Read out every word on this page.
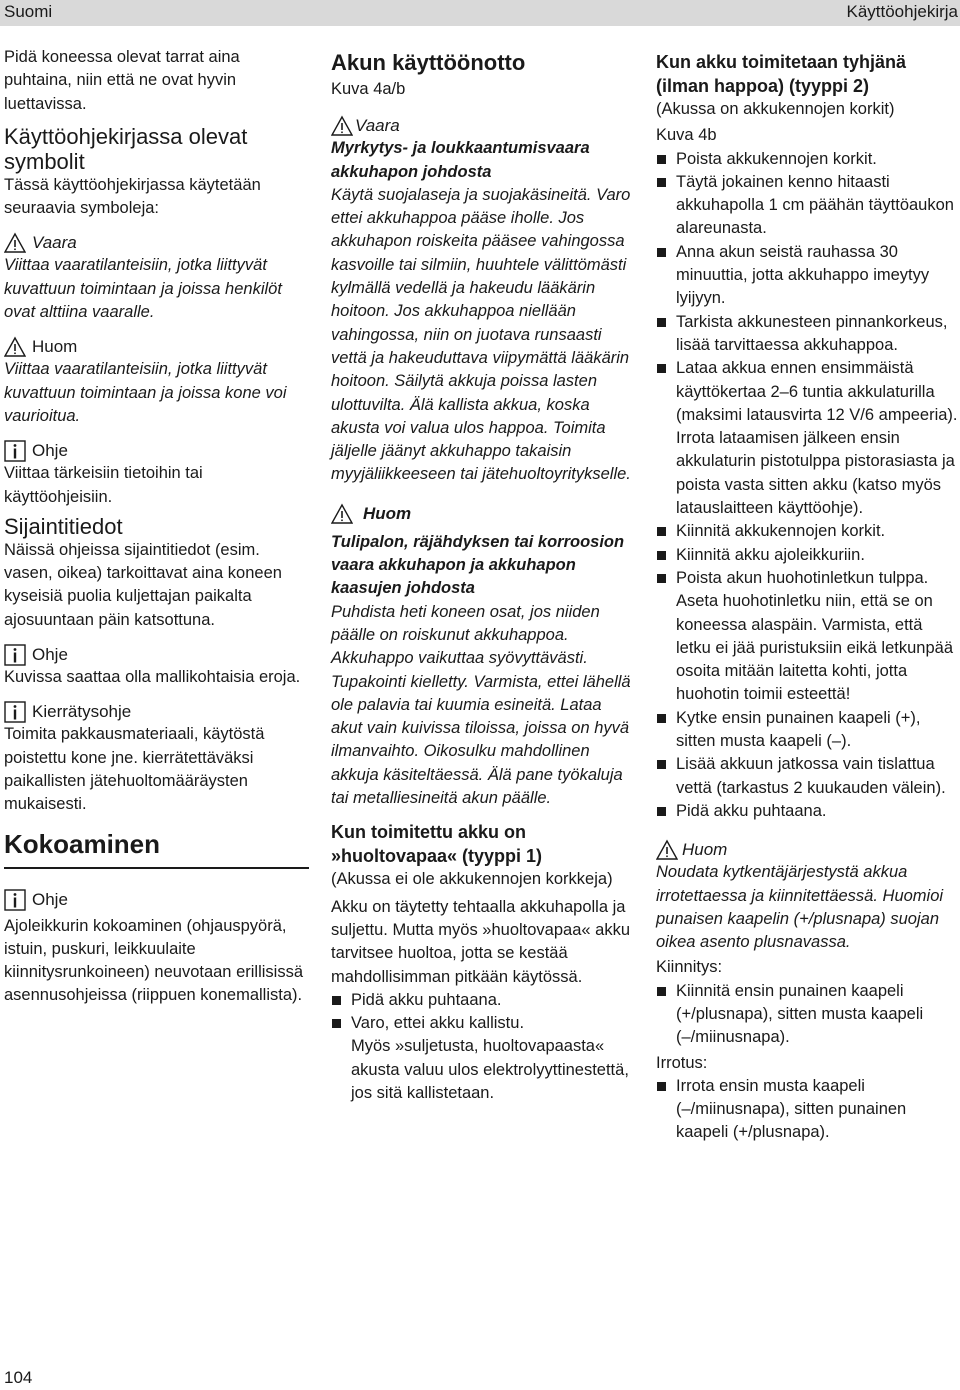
Suomi	Käyttöohjekirja

Pidä koneessa olevat tarrat aina puhtaina, niin että ne ovat hyvin luettavissa.

Käyttöohjekirjassa olevat symbolit

Tässä käyttöohjekirjassa käytetään seuraavia symboleja:

Vaara

Viittaa vaaratilanteisiin, jotka liittyvät kuvattuun toimintaan ja joissa henkilöt ovat alttiina vaaralle.

Huom

Viittaa vaaratilanteisiin, jotka liittyvät kuvattuun toimintaan ja joissa kone voi vaurioitua.

Ohje

Viittaa tärkeisiin tietoihin tai käyttöohjeisiin.

Sijaintitiedot

Näissä ohjeissa sijaintitiedot (esim. vasen, oikea) tarkoittavat aina koneen kyseisiä puolia kuljettajan paikalta ajosuuntaan päin katsottuna.

Ohje

Kuvissa saattaa olla mallikohtaisia eroja.

Kierrätysohje

Toimita pakkausmateriaali, käytöstä poistettu kone jne. kierrätettäväksi paikallisten jätehuoltomääräysten mukaisesti.

Kokoaminen
Ohje

Ajoleikkurin kokoaminen (ohjauspyörä, istuin, puskuri, leikkuulaite kiinnitysrunkoineen) neuvotaan erillisissä asennusohjeissa (riippuen konemallista).

Akun käyttöönotto

Kuva 4a/b

Vaara

Myrkytys- ja loukkaantumisvaara akkuhapon johdosta

Käytä suojalaseja ja suojakäsineitä. Varo ettei akkuhappoa pääse iholle. Jos akkuhapon roiskeita pääsee vahingossa kasvoille tai silmiin, huuhtele välittömästi kylmällä vedellä ja hakeudu lääkärin hoitoon. Jos akkuhappoa niellään vahingossa, niin on juotava runsaasti vettä ja hakeuduttava viipymättä lääkärin hoitoon. Säilytä akkuja poissa lasten ulottuvilta. Älä kallista akkua, koska akusta voi valua ulos happoa. Toimita jäljelle jäänyt akkuhappo takaisin myyjäliikkeeseen tai jätehuoltoyritykselle.

Huom

Tulipalon, räjähdyksen tai korroosion vaara akkuhapon ja akkuhapon kaasujen johdosta

Puhdista heti koneen osat, jos niiden päälle on roiskunut akkuhappoa. Akkuhappo vaikuttaa syövyttävästi. Tupakointi kielletty. Varmista, ettei lähellä ole palavia tai kuumia esineitä. Lataa akut vain kuivissa tiloissa, joissa on hyvä ilmanvaihto. Oikosulku mahdollinen akkuja käsiteltäessä. Älä pane työkaluja tai metalliesineitä akun päälle.

Kun toimitettu akku on »huoltovapaa« (tyyppi 1)

(Akussa ei ole akkukennojen korkkeja)

Akku on täytetty tehtaalla akkuhapolla ja suljettu. Mutta myös »huoltovapaa« akku tarvitsee huoltoa, jotta se kestää mahdollisimman pitkään käytössä.

Pidä akku puhtaana.
Varo, ettei akku kallistu.

Myös »suljetusta, huoltovapaasta« akusta valuu ulos elektrolyyttinestettä, jos sitä kallistetaan.

Kun akku toimitetaan tyhjänä (ilman happoa) (tyyppi 2)

(Akussa on akkukennojen korkit)

Kuva 4b

Poista akkukennojen korkit.
Täytä jokainen kenno hitaasti akkuhapolla 1 cm päähän täyttöaukon alareunasta.
Anna akun seistä rauhassa 30 minuuttia, jotta akkuhappo imeytyy lyijyyn.
Tarkista akkunesteen pinnankorkeus, lisää tarvittaessa akkuhappoa.
Lataa akkua ennen ensimmäistä käyttökertaa 2–6 tuntia akkulaturilla (maksimi latausvirta 12 V/6 ampeeria). Irrota lataamisen jälkeen ensin akkulaturin pistotulppa pistorasiasta ja poista vasta sitten akku (katso myös latauslaitteen käyttöohje).
Kiinnitä akkukennojen korkit.
Kiinnitä akku ajoleikkuriin.
Poista akun huohotinletkun tulppa. Aseta huohotinletku niin, että se on koneessa alaspäin. Varmista, että letku ei jää puristuksiin eikä letkunpää osoita mitään laitetta kohti, jotta huohotin toimii esteettä!
Kytke ensin punainen kaapeli (+), sitten musta kaapeli (–).
Lisää akkuun jatkossa vain tislattua vettä (tarkastus 2 kuukauden välein).
Pidä akku puhtaana.
Huom

Noudata kytkentäjärjestystä akkua irrotettaessa ja kiinnitettäessä. Huomioi punaisen kaapelin (+/plusnapa) suojan oikea asento plusnavassa.

Kiinnitys:

Kiinnitä ensin punainen kaapeli (+/plusnapa), sitten musta kaapeli (–/miinusnapa).

Irrotus:

Irrota ensin musta kaapeli (–/miinusnapa), sitten punainen kaapeli (+/plusnapa).
104
